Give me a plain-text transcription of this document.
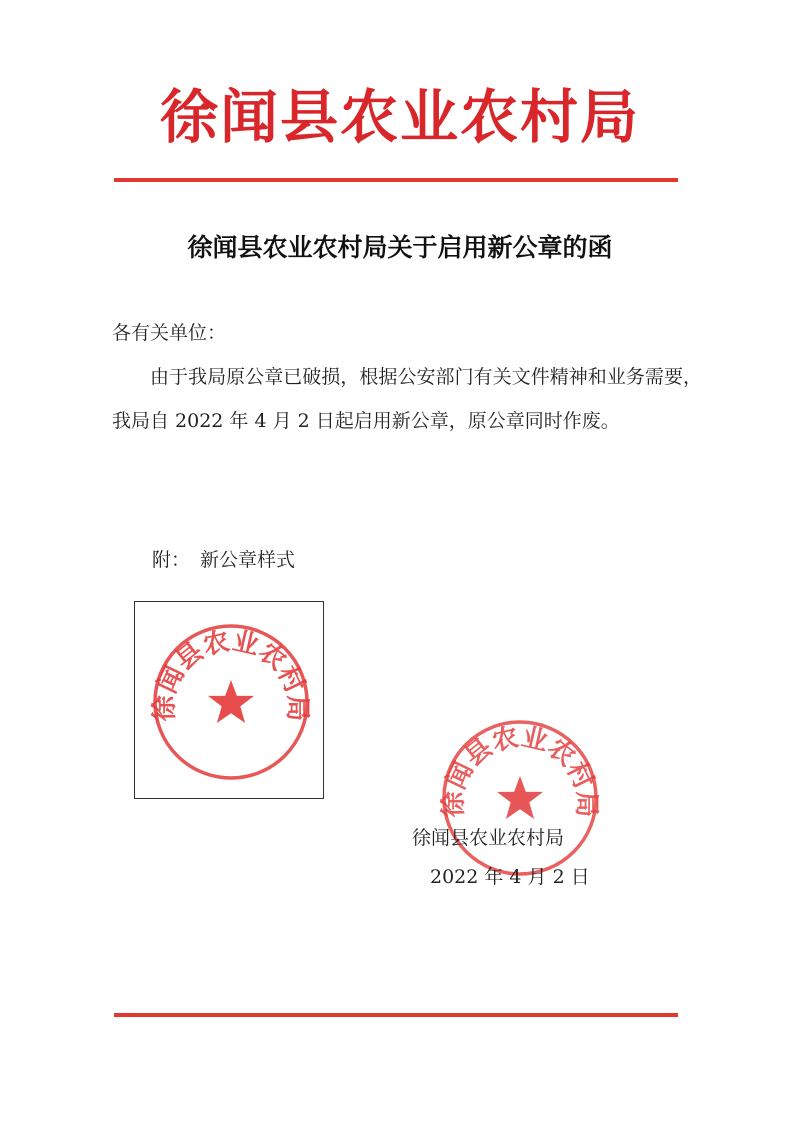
徐闻县农业农村局
徐闻县农业农村局关于启用新公章的函
各有关单位：
由于我局原公章已破损，根据公安部门有关文件精神和业务需要，我局自 2022 年 4 月 2 日起启用新公章，原公章同时作废。
附： 新公章样式
徐闻县农业农村局
徐闻县农业农村局
徐闻县农业农村局
2022 年 4 月 2 日
